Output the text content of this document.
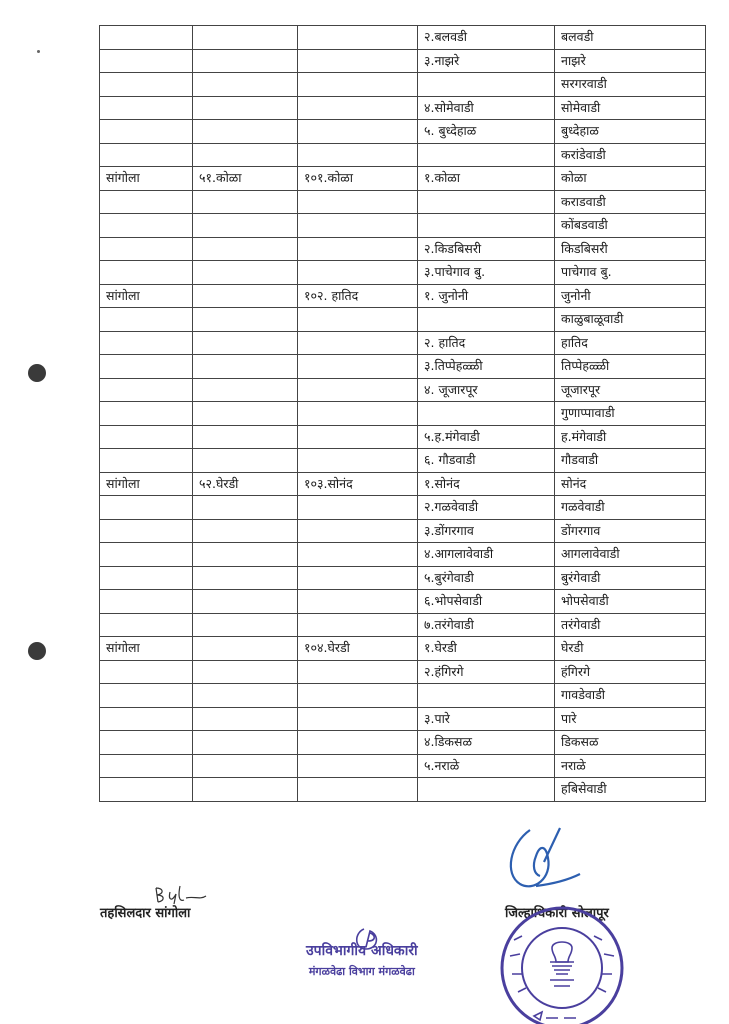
			२.बलवडी	बलवडी
			३.नाझरे	नाझरे
				सरगरवाडी
			४.सोमेवाडी	सोमेवाडी
			५. बुध्देहाळ	बुध्देहाळ
				करांडेवाडी
सांगोला	५१.कोळा	१०१.कोळा	१.कोळा	कोळा
				कराडवाडी
				कोंबडवाडी
			२.किडबिसरी	किडबिसरी
			३.पाचेगाव बु.	पाचेगाव बु.
सांगोला		१०२. हातिद	१. जुनोनी	जुनोनी
				काळुबाळूवाडी
			२. हातिद	हातिद
			३.तिप्पेहळ्ळी	तिप्पेहळ्ळी
			४. जूजारपूर	जूजारपूर
				गुणाप्पावाडी
			५.ह.मंगेवाडी	ह.मंगेवाडी
			६. गौडवाडी	गौडवाडी
सांगोला	५२.घेरडी	१०३.सोनंद	१.सोनंद	सोनंद
			२.गळवेवाडी	गळवेवाडी
			३.डोंगरगाव	डोंगरगाव
			४.आगलावेवाडी	आगलावेवाडी
			५.बुरंगेवाडी	बुरंगेवाडी
			६.भोपसेवाडी	भोपसेवाडी
			७.तरंगेवाडी	तरंगेवाडी
सांगोला		१०४.घेरडी	१.घेरडी	घेरडी
			२.हंगिरगे	हंगिरगे
				गावडेवाडी
			३.पारे	पारे
			४.डिकसळ	डिकसळ
			५.नराळे	नराळे
				हबिसेवाडी
तहसिलदार सांगोला	जिल्हाधिकारी सोलापूर
उपविभागीय अधिकारी
मंगळवेढा विभाग मंगळवेढा
